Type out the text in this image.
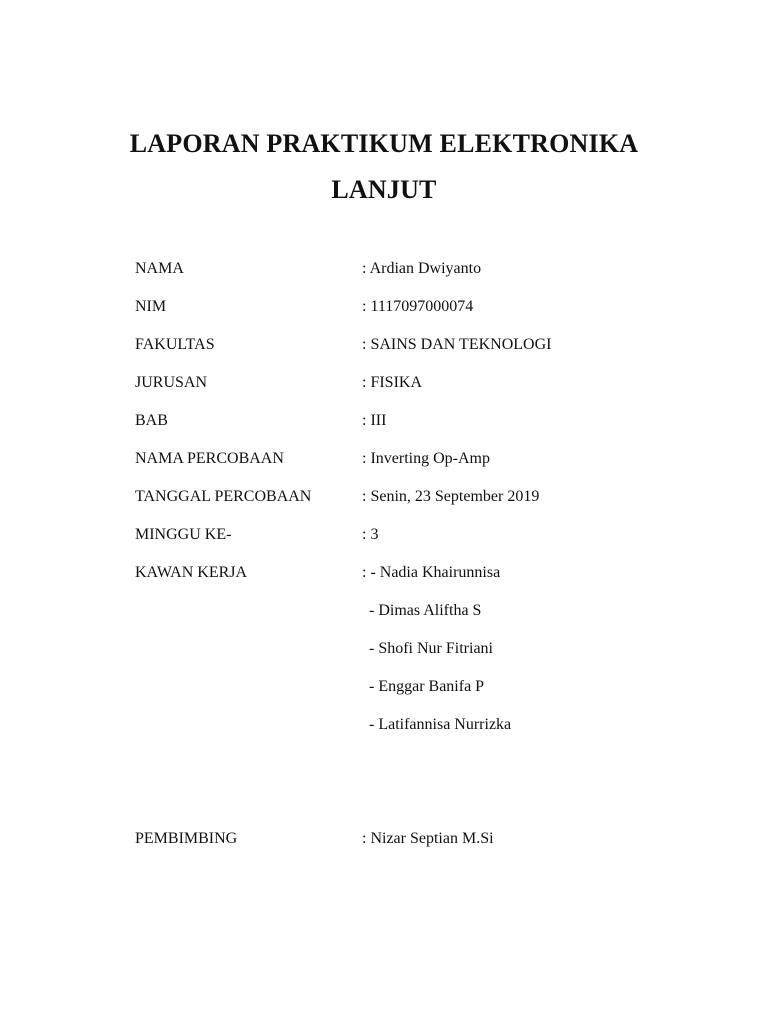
LAPORAN PRAKTIKUM ELEKTRONIKA
LANJUT
NAMA	: Ardian Dwiyanto
NIM	: 1117097000074
FAKULTAS	: SAINS DAN TEKNOLOGI
JURUSAN	: FISIKA
BAB	: III
NAMA PERCOBAAN	: Inverting Op-Amp
TANGGAL PERCOBAAN	: Senin, 23 September 2019
MINGGU KE-	: 3
KAWAN KERJA	: - Nadia Khairunnisa
- Dimas Aliftha S
- Shofi Nur Fitriani
- Enggar Banifa P
- Latifannisa Nurrizka
PEMBIMBING	: Nizar Septian M.Si
